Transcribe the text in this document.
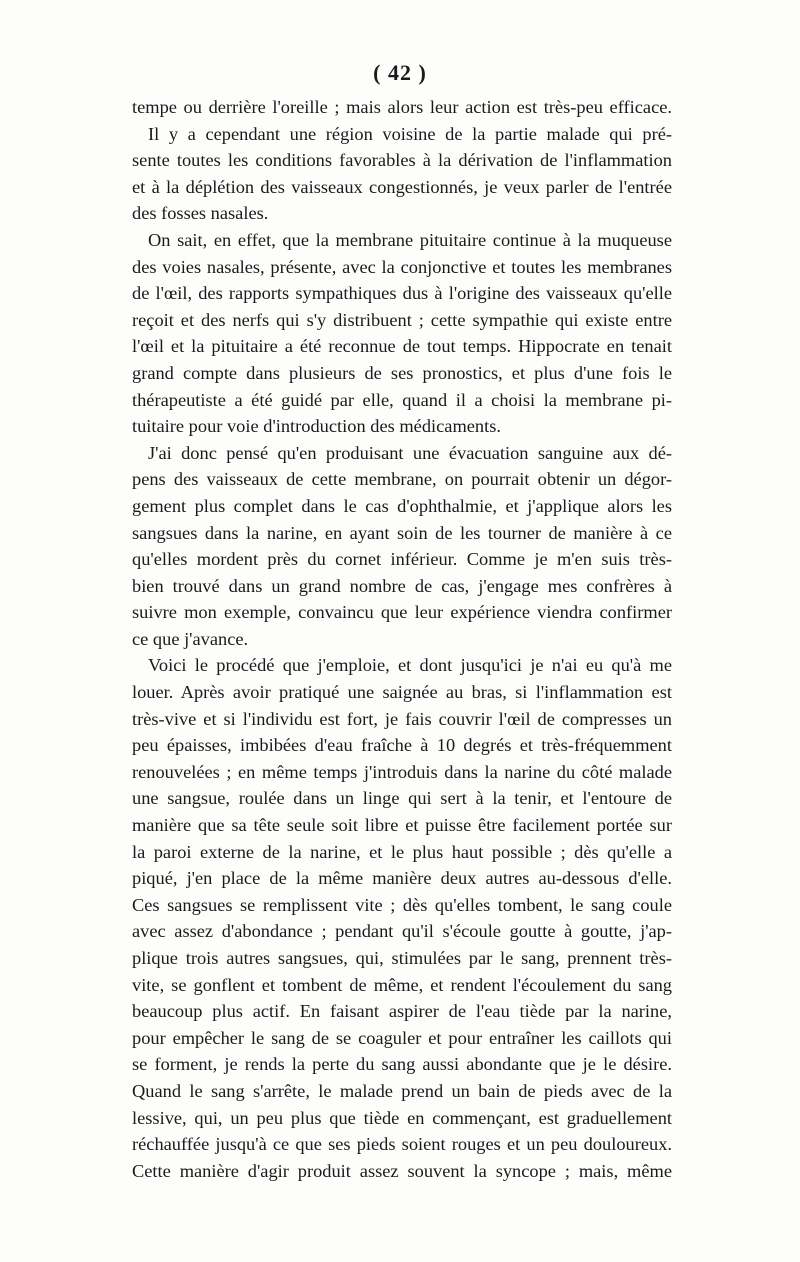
( 42 )
tempe ou derrière l'oreille ; mais alors leur action est très-peu efficace.
Il y a cependant une région voisine de la partie malade qui pré-
sente toutes les conditions favorables à la dérivation de l'inflammation
et à la déplétion des vaisseaux congestionnés, je veux parler de l'entrée
des fosses nasales.
On sait, en effet, que la membrane pituitaire continue à la muqueuse
des voies nasales, présente, avec la conjonctive et toutes les membranes
de l'œil, des rapports sympathiques dus à l'origine des vaisseaux qu'elle
reçoit et des nerfs qui s'y distribuent ; cette sympathie qui existe entre
l'œil et la pituitaire a été reconnue de tout temps. Hippocrate en tenait
grand compte dans plusieurs de ses pronostics, et plus d'une fois le
thérapeutiste a été guidé par elle, quand il a choisi la membrane pi-
tuitaire pour voie d'introduction des médicaments.
J'ai donc pensé qu'en produisant une évacuation sanguine aux dé-
pens des vaisseaux de cette membrane, on pourrait obtenir un dégor-
gement plus complet dans le cas d'ophthalmie, et j'applique alors les
sangsues dans la narine, en ayant soin de les tourner de manière à ce
qu'elles mordent près du cornet inférieur. Comme je m'en suis très-
bien trouvé dans un grand nombre de cas, j'engage mes confrères à
suivre mon exemple, convaincu que leur expérience viendra confirmer
ce que j'avance.
Voici le procédé que j'emploie, et dont jusqu'ici je n'ai eu qu'à me
louer. Après avoir pratiqué une saignée au bras, si l'inflammation est
très-vive et si l'individu est fort, je fais couvrir l'œil de compresses un
peu épaisses, imbibées d'eau fraîche à 10 degrés et très-fréquemment
renouvelées ; en même temps j'introduis dans la narine du côté malade
une sangsue, roulée dans un linge qui sert à la tenir, et l'entoure de
manière que sa tête seule soit libre et puisse être facilement portée sur
la paroi externe de la narine, et le plus haut possible ; dès qu'elle a
piqué, j'en place de la même manière deux autres au-dessous d'elle.
Ces sangsues se remplissent vite ; dès qu'elles tombent, le sang coule
avec assez d'abondance ; pendant qu'il s'écoule goutte à goutte, j'ap-
plique trois autres sangsues, qui, stimulées par le sang, prennent très-
vite, se gonflent et tombent de même, et rendent l'écoulement du sang
beaucoup plus actif. En faisant aspirer de l'eau tiède par la narine,
pour empêcher le sang de se coaguler et pour entraîner les caillots qui
se forment, je rends la perte du sang aussi abondante que je le désire.
Quand le sang s'arrête, le malade prend un bain de pieds avec de la
lessive, qui, un peu plus que tiède en commençant, est graduellement
réchauffée jusqu'à ce que ses pieds soient rouges et un peu douloureux.
Cette manière d'agir produit assez souvent la syncope ; mais, même
